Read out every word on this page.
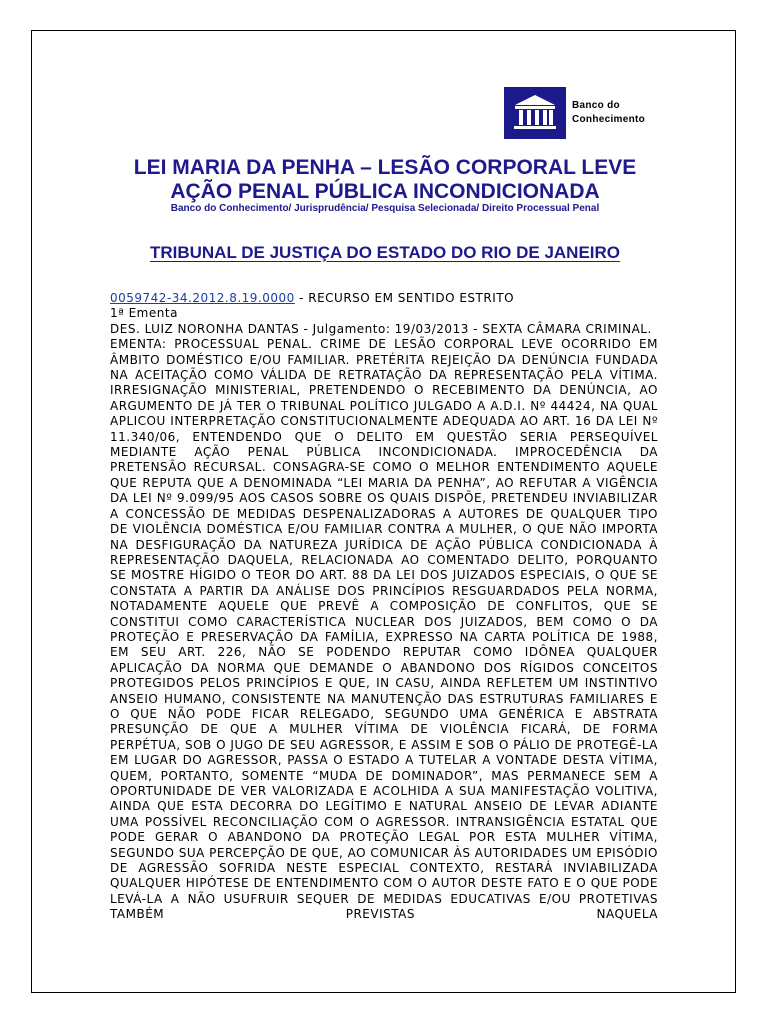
Banco do
Conhecimento
LEI MARIA DA PENHA – LESÃO CORPORAL LEVE
AÇÃO PENAL PÚBLICA INCONDICIONADA
Banco do Conhecimento/ Jurisprudência/ Pesquisa Selecionada/ Direito Processual Penal
TRIBUNAL DE JUSTIÇA DO ESTADO DO RIO DE JANEIRO

0059742-34.2012.8.19.0000 - RECURSO EM SENTIDO ESTRITO

1ª Ementa

DES. LUIZ NORONHA DANTAS - Julgamento: 19/03/2013 - SEXTA CÂMARA CRIMINAL.

EMENTA: PROCESSUAL PENAL. CRIME DE LESÃO CORPORAL LEVE OCORRIDO EM ÂMBITO DOMÉSTICO E/OU FAMILIAR. PRETÉRITA REJEIÇÃO DA DENÚNCIA FUNDADA NA ACEITAÇÃO COMO VÁLIDA DE RETRATAÇÃO DA REPRESENTAÇÃO PELA VÍTIMA. IRRESIGNAÇÃO MINISTERIAL, PRETENDENDO O RECEBIMENTO DA DENÚNCIA, AO ARGUMENTO DE JÁ TER O TRIBUNAL POLÍTICO JULGADO A A.D.I. Nº 44424, NA QUAL APLICOU INTERPRETAÇÃO CONSTITUCIONALMENTE ADEQUADA AO ART. 16 DA LEI Nº 11.340/06, ENTENDENDO QUE O DELITO EM QUESTÃO SERIA PERSEQUÍVEL MEDIANTE AÇÃO PENAL PÚBLICA INCONDICIONADA. IMPROCEDÊNCIA DA PRETENSÃO RECURSAL. CONSAGRA-SE COMO O MELHOR ENTENDIMENTO AQUELE QUE REPUTA QUE A DENOMINADA “LEI MARIA DA PENHA”, AO REFUTAR A VIGÊNCIA DA LEI Nº 9.099/95 AOS CASOS SOBRE OS QUAIS DISPÕE, PRETENDEU INVIABILIZAR A CONCESSÃO DE MEDIDAS DESPENALIZADORAS A AUTORES DE QUALQUER TIPO DE VIOLÊNCIA DOMÉSTICA E/OU FAMILIAR CONTRA A MULHER, O QUE NÃO IMPORTA NA DESFIGURAÇÃO DA NATUREZA JURÍDICA DE AÇÃO PÚBLICA CONDICIONADA À REPRESENTAÇÃO DAQUELA, RELACIONADA AO COMENTADO DELITO, PORQUANTO SE MOSTRE HÍGIDO O TEOR DO ART. 88 DA LEI DOS JUIZADOS ESPECIAIS, O QUE SE CONSTATA A PARTIR DA ANÁLISE DOS PRINCÍPIOS RESGUARDADOS PELA NORMA, NOTADAMENTE AQUELE QUE PREVÊ A COMPOSIÇÃO DE CONFLITOS, QUE SE CONSTITUI COMO CARACTERÍSTICA NUCLEAR DOS JUIZADOS, BEM COMO O DA PROTEÇÃO E PRESERVAÇÃO DA FAMÍLIA, EXPRESSO NA CARTA POLÍTICA DE 1988, EM SEU ART. 226, NÃO SE PODENDO REPUTAR COMO IDÔNEA QUALQUER APLICAÇÃO DA NORMA QUE DEMANDE O ABANDONO DOS RÍGIDOS CONCEITOS PROTEGIDOS PELOS PRINCÍPIOS E QUE, IN CASU, AINDA REFLETEM UM INSTINTIVO ANSEIO HUMANO, CONSISTENTE NA MANUTENÇÃO DAS ESTRUTURAS FAMILIARES E O QUE NÃO PODE FICAR RELEGADO, SEGUNDO UMA GENÉRICA E ABSTRATA PRESUNÇÃO DE QUE A MULHER VÍTIMA DE VIOLÊNCIA FICARÁ, DE FORMA PERPÉTUA, SOB O JUGO DE SEU AGRESSOR, E ASSIM E SOB O PÁLIO DE PROTEGÊ-LA EM LUGAR DO AGRESSOR, PASSA O ESTADO A TUTELAR A VONTADE DESTA VÍTIMA, QUEM, PORTANTO, SOMENTE “MUDA DE DOMINADOR”, MAS PERMANECE SEM A OPORTUNIDADE DE VER VALORIZADA E ACOLHIDA A SUA MANIFESTAÇÃO VOLITIVA, AINDA QUE ESTA DECORRA DO LEGÍTIMO E NATURAL ANSEIO DE LEVAR ADIANTE UMA POSSÍVEL RECONCILIAÇÃO COM O AGRESSOR. INTRANSIGÊNCIA ESTATAL QUE PODE GERAR O ABANDONO DA PROTEÇÃO LEGAL POR ESTA MULHER VÍTIMA, SEGUNDO SUA PERCEPÇÃO DE QUE, AO COMUNICAR ÀS AUTORIDADES UM EPISÓDIO DE AGRESSÃO SOFRIDA NESTE ESPECIAL CONTEXTO, RESTARÁ INVIABILIZADA QUALQUER HIPÓTESE DE ENTENDIMENTO COM O AUTOR DESTE FATO E O QUE PODE LEVÁ-LA A NÃO USUFRUIR SEQUER DE MEDIDAS EDUCATIVAS E/OU PROTETIVAS TAMBÉM PREVISTAS NAQUELA
